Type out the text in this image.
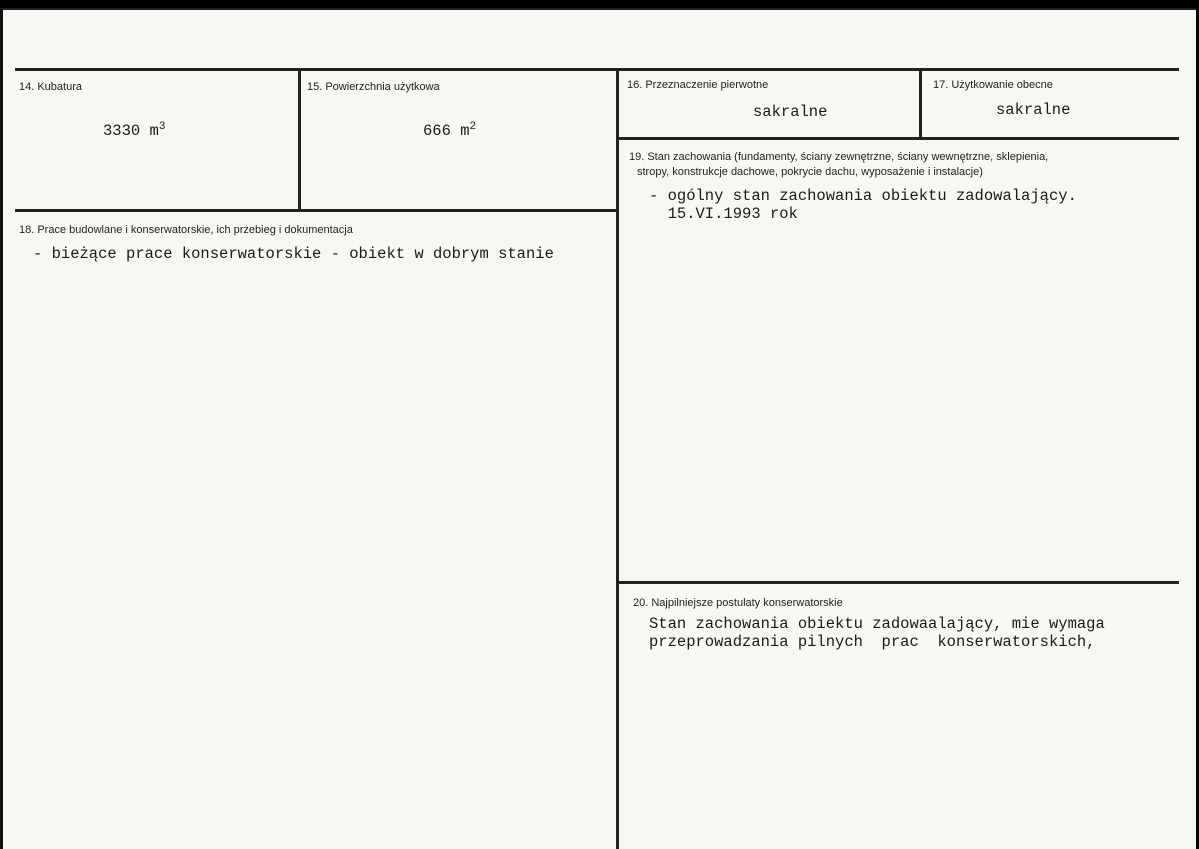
14. Kubatura
3330 $m^3$
15. Powierzchnia użytkowa
666 $m^2$
16. Przeznaczenie pierwotne
sakralne
17. Użytkowanie obecne
sakralne
18. Prace budowlane i konserwatorskie, ich przebieg i dokumentacja
- bieżące prace konserwatorskie - obiekt w dobrym stanie
19. Stan zachowania (fundamenty, ściany zewnętrzne, ściany wewnętrzne, sklepienia,
stropy, konstrukcje dachowe, pokrycie dachu, wyposażenie i instalacje)
- ogólny stan zachowania obiektu zadowalający.
15.VI.1993 rok
20. Najpilniejsze postulaty konserwatorskie
Stan zachowania obiektu zadowaalający, mie wymaga
przeprowadzania pilnych  prac  konserwatorskich,
